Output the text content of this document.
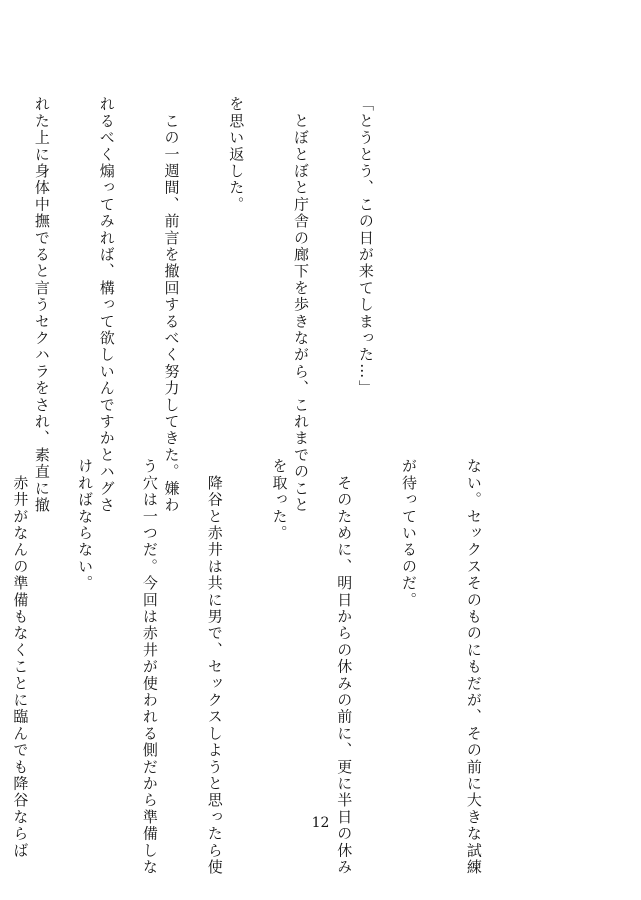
「とうとう、この日が来てしまった…」

　とぼとぼと庁舎の廊下を歩きながら、これまでのこと

を思い返した。

　この一週間、前言を撤回するべく努力してきた。嫌わ

れるべく煽ってみれば、構って欲しいんですかとハグさ

れた上に身体中撫でると言うセクハラをされ、素直に撤

ない。セックスそのものにもだが、その前に大きな試練

が待っているのだ。

　そのために、明日からの休みの前に、更に半日の休み

を取った。

　降谷と赤井は共に男で、セックスしようと思ったら使

う穴は一つだ。今回は赤井が使われる側だから準備しな

ければならない。

　赤井がなんの準備もなくことに臨んでも降谷ならば

	12
